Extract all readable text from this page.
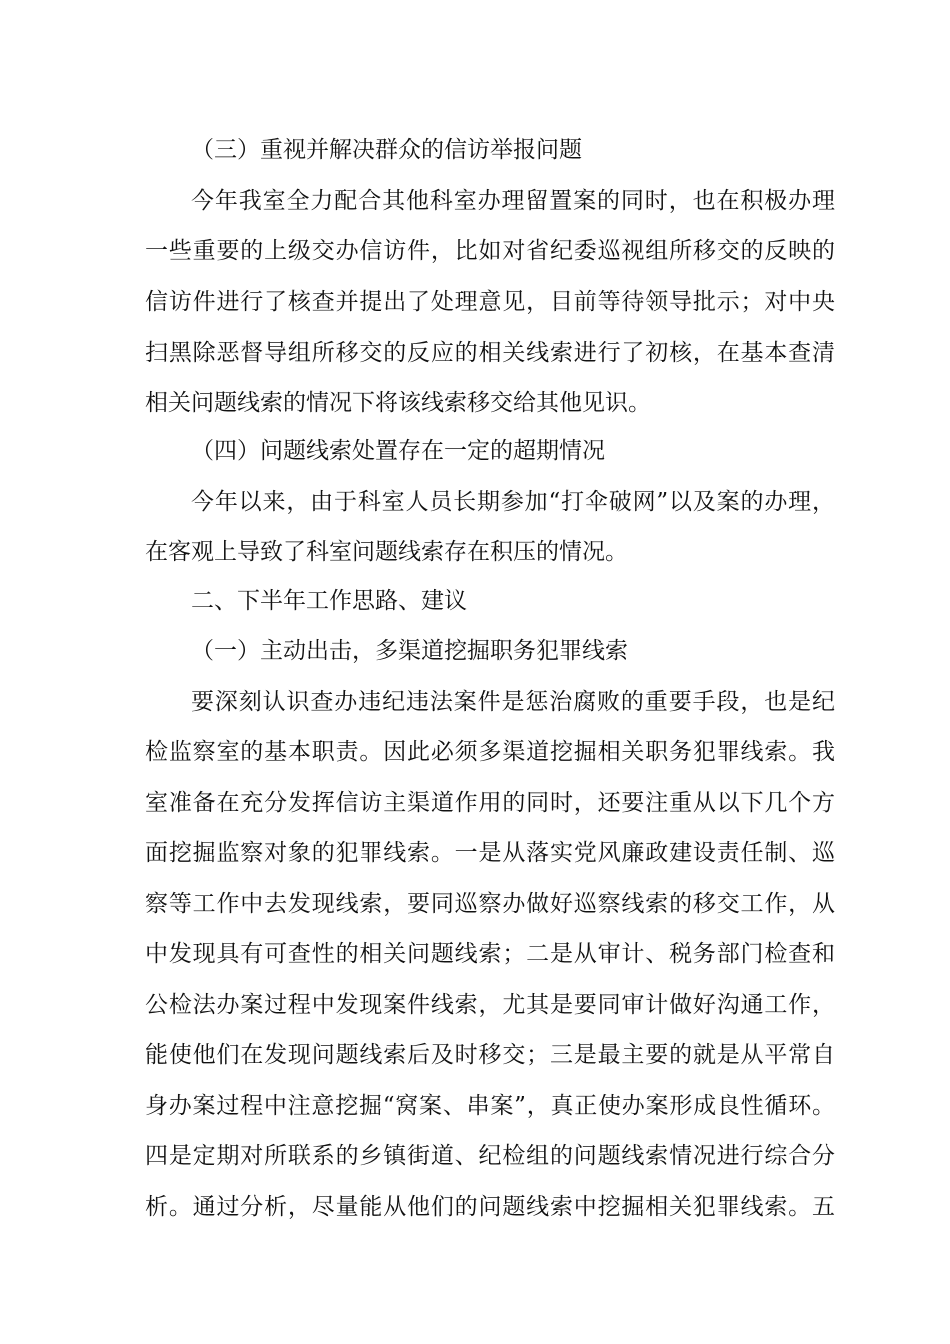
（三）重视并解决群众的信访举报问题
今年我室全力配合其他科室办理留置案的同时，也在积极办理
一些重要的上级交办信访件，比如对省纪委巡视组所移交的反映的
信访件进行了核查并提出了处理意见，目前等待领导批示；对中央
扫黑除恶督导组所移交的反应的相关线索进行了初核，在基本查清
相关问题线索的情况下将该线索移交给其他见识。
（四）问题线索处置存在一定的超期情况
今年以来，由于科室人员长期参加“打伞破网”以及案的办理，
在客观上导致了科室问题线索存在积压的情况。
二、下半年工作思路、建议
（一）主动出击，多渠道挖掘职务犯罪线索
要深刻认识查办违纪违法案件是惩治腐败的重要手段，也是纪
检监察室的基本职责。因此必须多渠道挖掘相关职务犯罪线索。我
室准备在充分发挥信访主渠道作用的同时，还要注重从以下几个方
面挖掘监察对象的犯罪线索。一是从落实党风廉政建设责任制、巡
察等工作中去发现线索，要同巡察办做好巡察线索的移交工作，从
中发现具有可查性的相关问题线索；二是从审计、税务部门检查和
公检法办案过程中发现案件线索，尤其是要同审计做好沟通工作，
能使他们在发现问题线索后及时移交；三是最主要的就是从平常自
身办案过程中注意挖掘“窝案、串案”，真正使办案形成良性循环。
四是定期对所联系的乡镇街道、纪检组的问题线索情况进行综合分
析。通过分析，尽量能从他们的问题线索中挖掘相关犯罪线索。五
